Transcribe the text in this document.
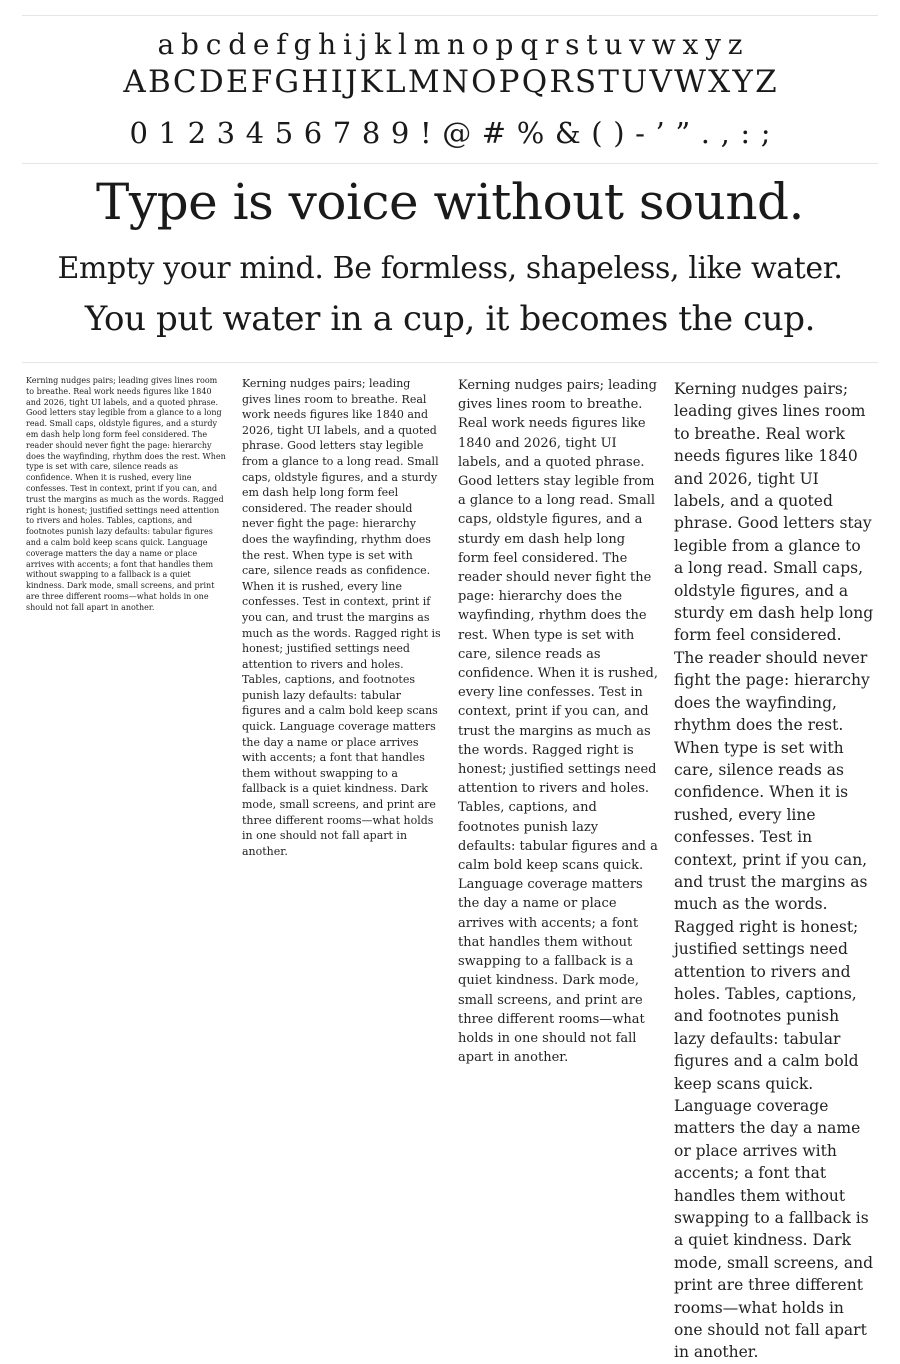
a b c d e f g h i j k l m n o p q r s t u v w x y z
ABCDEFGHIJKLMNOPQRSTUVWXYZ
0 1 2 3 4 5 6 7 8 9 ! @ # % & ( ) - ’ ” . , : ;
Type is voice without sound.
Empty your mind. Be formless, shapeless, like water.
You put water in a cup, it becomes the cup.
Kerning nudges pairs; leading gives lines room to breathe. Real work needs figures like 1840 and 2026, tight UI labels, and a quoted phrase. Good letters stay legible from a glance to a long read. Small caps, oldstyle figures, and a sturdy em dash help long form feel considered. The reader should never fight the page: hierarchy does the wayfinding, rhythm does the rest. When type is set with care, silence reads as confidence. When it is rushed, every line confesses. Test in context, print if you can, and trust the margins as much as the words. Ragged right is honest; justified settings need attention to rivers and holes. Tables, captions, and footnotes punish lazy defaults: tabular figures and a calm bold keep scans quick. Language coverage matters the day a name or place arrives with accents; a font that handles them without swapping to a fallback is a quiet kindness. Dark mode, small screens, and print are three different rooms—what holds in one should not fall apart in another.
Kerning nudges pairs; leading gives lines room to breathe. Real work needs figures like 1840 and 2026, tight UI labels, and a quoted phrase. Good letters stay legible from a glance to a long read. Small caps, oldstyle figures, and a sturdy em dash help long form feel considered. The reader should never fight the page: hierarchy does the wayfinding, rhythm does the rest. When type is set with care, silence reads as confidence. When it is rushed, every line confesses. Test in context, print if you can, and trust the margins as much as the words. Ragged right is honest; justified settings need attention to rivers and holes. Tables, captions, and footnotes punish lazy defaults: tabular figures and a calm bold keep scans quick. Language coverage matters the day a name or place arrives with accents; a font that handles them without swapping to a fallback is a quiet kindness. Dark mode, small screens, and print are three different rooms—what holds in one should not fall apart in another.
Kerning nudges pairs; leading gives lines room to breathe. Real work needs figures like 1840 and 2026, tight UI labels, and a quoted phrase. Good letters stay legible from a glance to a long read. Small caps, oldstyle figures, and a sturdy em dash help long form feel considered. The reader should never fight the page: hierarchy does the wayfinding, rhythm does the rest. When type is set with care, silence reads as confidence. When it is rushed, every line confesses. Test in context, print if you can, and trust the margins as much as the words. Ragged right is honest; justified settings need attention to rivers and holes. Tables, captions, and footnotes punish lazy defaults: tabular figures and a calm bold keep scans quick. Language coverage matters the day a name or place arrives with accents; a font that handles them without swapping to a fallback is a quiet kindness. Dark mode, small screens, and print are three different rooms—what holds in one should not fall apart in another.
Kerning nudges pairs; leading gives lines room to breathe. Real work needs figures like 1840 and 2026, tight UI labels, and a quoted phrase. Good letters stay legible from a glance to a long read. Small caps, oldstyle figures, and a sturdy em dash help long form feel considered. The reader should never fight the page: hierarchy does the wayfinding, rhythm does the rest. When type is set with care, silence reads as confidence. When it is rushed, every line confesses. Test in context, print if you can, and trust the margins as much as the words. Ragged right is honest; justified settings need attention to rivers and holes. Tables, captions, and footnotes punish lazy defaults: tabular figures and a calm bold keep scans quick. Language coverage matters the day a name or place arrives with accents; a font that handles them without swapping to a fallback is a quiet kindness. Dark mode, small screens, and print are three different rooms—what holds in one should not fall apart in another.
